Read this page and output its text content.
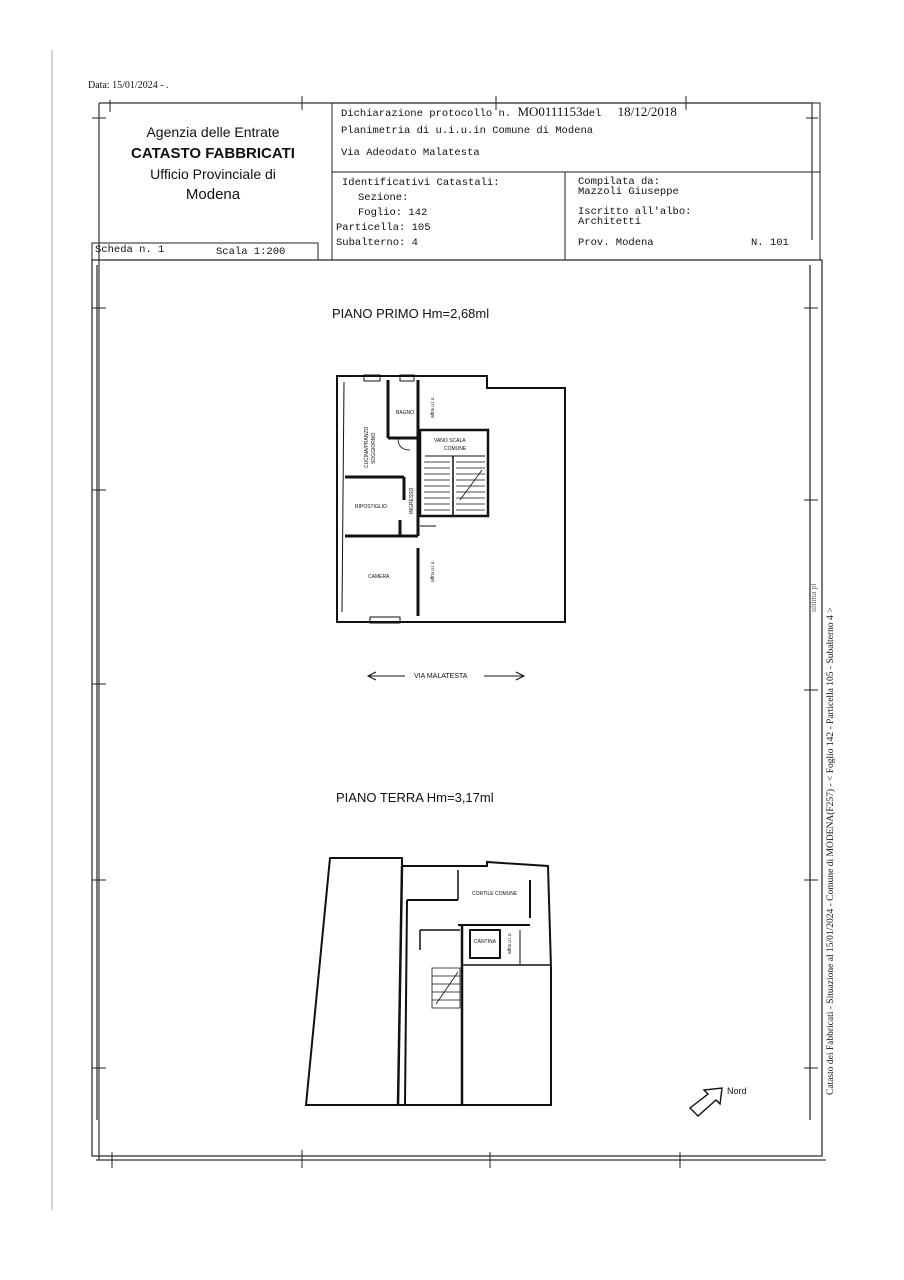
Data: 15/01/2024 - .
Agenzia delle Entrate
CATASTO FABBRICATI
Ufficio Provinciale di
Modena
Dichiarazione protocollo n. MO0111153del 18/12/2018
Planimetria di u.i.u.in Comune di Modena
Via Adeodato Malatesta
Identificativi Catastali:
Sezione:
Foglio: 142
Particella: 105
Subalterno: 4
Compilata da:
Mazzoli Giuseppe
Iscritto all'albo:
Architetti
Prov. Modena	N. 101
Scheda n. 1	Scala 1:200
PIANO PRIMO Hm=2,68ml
BAGNO
VANO SCALA
COMUNE
CUCINA/PRANZO SOGGIORNO
RIPOSTIGLIO	INGRESSO
CAMERA
altra u.i.u.
altra u.i.u.
VIA MALATESTA
PIANO TERRA Hm=3,17ml
CORTILE COMUNE
CANTINA altra u.i.u.
Nord	Catasto dei Fabbricati - Situazione al 15/01/2024 - Comune di MODENA(F257) - < Foglio 142 - Particella 105 - Subalterno 4 >
ultima pl
